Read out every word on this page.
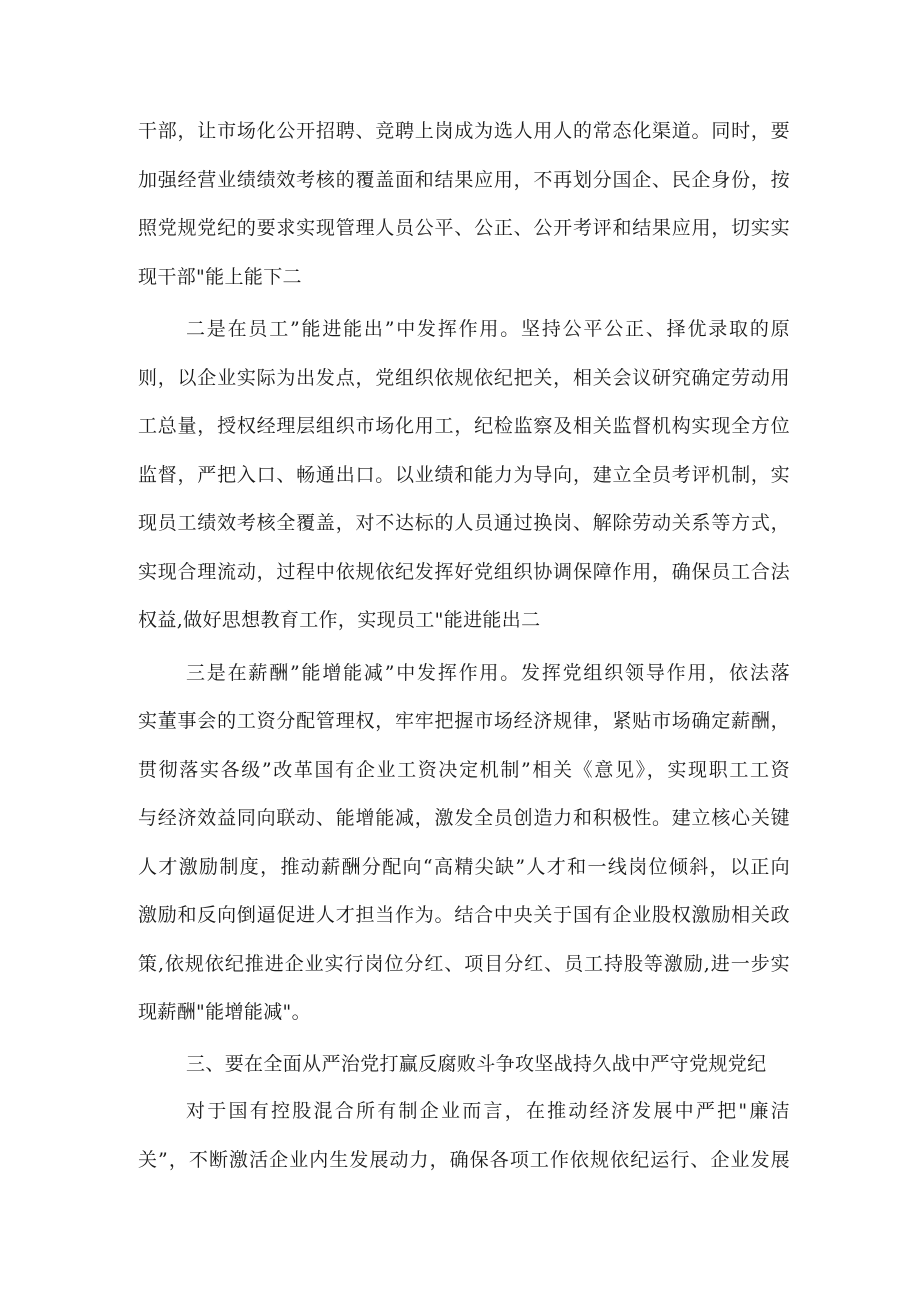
干部，让市场化公开招聘、竞聘上岗成为选人用人的常态化渠道。同时，要
加强经营业绩绩效考核的覆盖面和结果应用，不再划分国企、民企身份，按
照党规党纪的要求实现管理人员公平、公正、公开考评和结果应用，切实实
现干部"能上能下二
二是在员工”能进能出”中发挥作用。坚持公平公正、择优录取的原
则，以企业实际为出发点，党组织依规依纪把关，相关会议研究确定劳动用
工总量，授权经理层组织市场化用工，纪检监察及相关监督机构实现全方位
监督，严把入口、畅通出口。以业绩和能力为导向，建立全员考评机制，实
现员工绩效考核全覆盖，对不达标的人员通过换岗、解除劳动关系等方式，
实现合理流动，过程中依规依纪发挥好党组织协调保障作用，确保员工合法
权益,做好思想教育工作，实现员工"能进能出二
三是在薪酬”能增能减”中发挥作用。发挥党组织领导作用，依法落
实董事会的工资分配管理权，牢牢把握市场经济规律，紧贴市场确定薪酬，
贯彻落实各级”改革国有企业工资决定机制”相关《意见》，实现职工工资
与经济效益同向联动、能增能减，激发全员创造力和积极性。建立核心关键
人才激励制度，推动薪酬分配向“高精尖缺”人才和一线岗位倾斜，以正向
激励和反向倒逼促进人才担当作为。结合中央关于国有企业股权激励相关政
策,依规依纪推进企业实行岗位分红、项目分红、员工持股等激励,进一步实
现薪酬"能增能减"。
三、要在全面从严治党打赢反腐败斗争攻坚战持久战中严守党规党纪
对于国有控股混合所有制企业而言，在推动经济发展中严把"廉洁
关”，不断激活企业内生发展动力，确保各项工作依规依纪运行、企业发展
